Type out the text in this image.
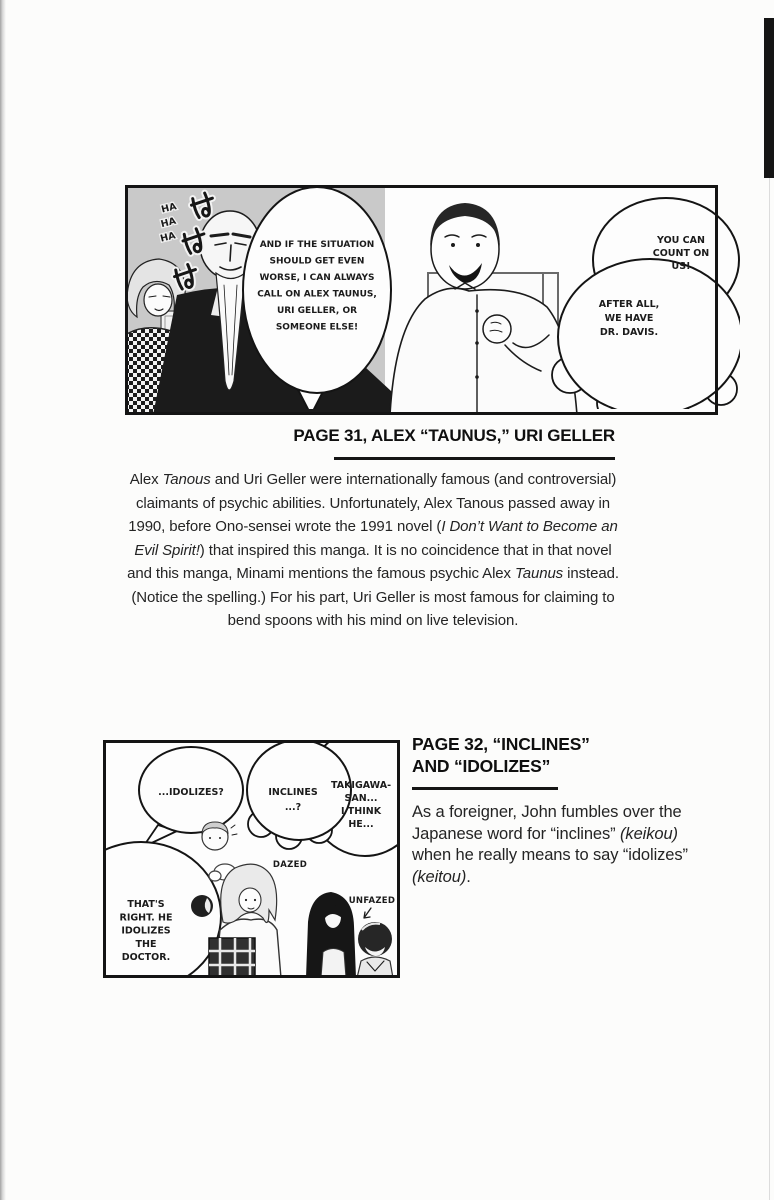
HAHAHA
AND IF THE SITUATION SHOULD GET EVEN WORSE, I CAN ALWAYS CALL ON ALEX TAUNUS, URI GELLER, OR SOMEONE ELSE!
YOU CAN COUNT ON US!
AFTER ALL, WE HAVE DR. DAVIS.
PAGE 31, ALEX “TAUNUS,” URI GELLER

Alex Tanous and Uri Geller were internationally famous (and controversial) claimants of psychic abilities. Unfortunately, Alex Tanous passed away in 1990, before Ono-sensei wrote the 1991 novel (I Don’t Want to Become an Evil Spirit!) that inspired this manga. It is no coincidence that in that novel and this manga, Minami mentions the famous psychic Alex Taunus instead. (Notice the spelling.) For his part, Uri Geller is most famous for claiming to bend spoons with his mind on live television.

...IDOLIZES?	INCLINES ...?
TAKIGAWA-SAN... I THINK HE...
THAT'S RIGHT. HE IDOLIZES THE DOCTOR.
DAZED
UNFAZED
PAGE 32, “INCLINES”
AND “IDOLIZES”

As a foreigner, John fumbles over the Japanese word for “inclines” (keikou) when he really means to say “idolizes” (keitou).
